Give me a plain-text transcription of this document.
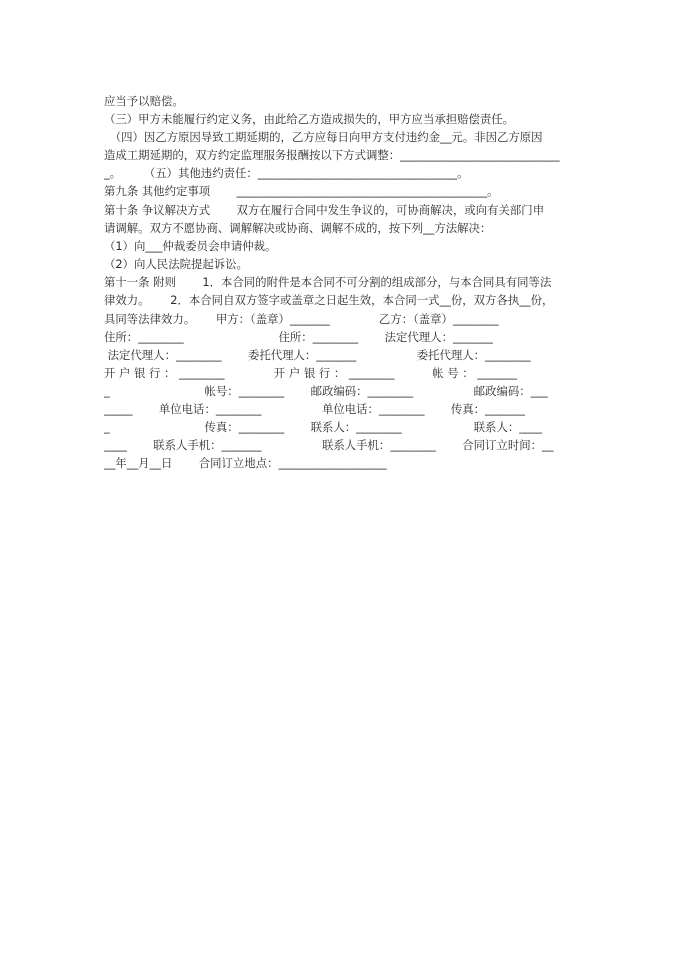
应当予以赔偿。
（三）甲方未能履行约定义务，由此给乙方造成损失的，甲方应当承担赔偿责任。
　（四）因乙方原因导致工期延期的，乙方应每日向甲方支付违约金__元。非因乙方原因
造成工期延期的，双方约定监理服务报酬按以下方式调整：____________________________
_。　　　（五）其他违约责任：___________________________________。
第九条 其他约定事项　　 ____________________________________________。
第十条 争议解决方式　　 双方在履行合同中发生争议的，可协商解决，或向有关部门申
请调解。双方不愿协商、调解解决或协商、调解不成的，按下列__方法解决：
（1）向___仲裁委员会申请仲裁。
（2）向人民法院提起诉讼。
第十一条 附则　　 1．本合同的附件是本合同不可分割的组成部分，与本合同具有同等法
律效力。　　 2．本合同自双方签字或盖章之日起生效，本合同一式__份，双方各执__份，
具同等法律效力。　　 甲方：（盖章）_______　　　　 乙方：（盖章）________
住所：________　　　　　　　　 住所：________　　 法定代理人：_______
法定代理人：________　　 委托代理人：_______　　　　　 委托代理人：________
开 户 银 行 ： ________　　　　 开 户 银 行 ： ________　　　 帐 号 ： _______
_　　　　　　　　 帐号：________　　 邮政编码：________　　　　　 邮政编码：___
_____　　 单位电话：________　　　　　 单位电话：________　　 传真：_______
_　　　　　　　　 传真：________　　 联系人：________　　　　　　 联系人：____
____　　 联系人手机：_______　　　　　 联系人手机：________　　 合同订立时间：__
__年__月__日　　 合同订立地点：___________________
